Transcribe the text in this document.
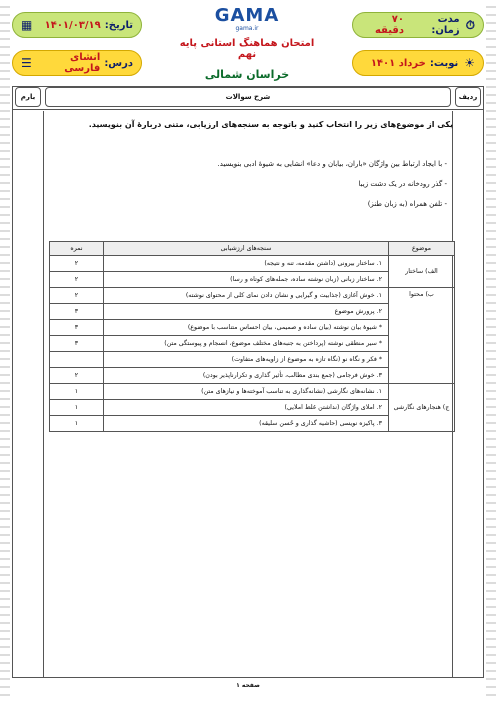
⏱
مدت زمان:
۷۰ دقیقه
☀
نوبت:
خرداد ۱۴۰۱
تاریخ:
۱۴۰۱/۰۳/۱۹
▦
درس:
انشای فارسی
☰
GAMA
gama.ir
امتحان هماهنگ استانی پایه نهم
خراسان شمالی
ردیف
شرح سوالات
بارم
یکی از موضوع‌های زیر را انتخاب کنید و باتوجه به سنجه‌های ارزیابی، متنی دربارهٔ آن بنویسید.
- با ایجاد ارتباط بین واژگان «باران، بیابان و دعا» انشایی به شیوهٔ ادبی بنویسید.
- گذر رودخانه در یک دشت زیبا
- تلفن همراه (به زبان طنز)
موضوع	سنجه‌های ارزشیابی	نمره
الف) ساختار	۱. ساختار بیرونی (داشتن مقدمه، تنه و نتیجه)	۲
	۲. ساختار زبانی (زبان نوشته ساده، جمله‌های کوتاه و رسا)	۲
ب) محتوا	۱. خوش آغازی (جذابیت و گیرایی و نشان دادن نمای کلی از محتوای نوشته)	۲
	۲. پرورش موضوع	۳
	* شیوهٔ بیان نوشته (بیان ساده و صمیمی، بیان احساس متناسب با موضوع)	۳
	* سیر منطقی نوشته (پرداختن به جنبه‌های مختلف موضوع، انسجام و پیوستگی متن)	۳
	* فکر و نگاه نو (نگاه تازه به موضوع از زاویه‌های متفاوت)	
	۳. خوش فرجامی (جمع بندی مطالب، تأثیر گذاری و تکرارناپذیر بودن)	۲
ج) هنجارهای نگارشی	۱. نشانه‌های نگارشی (نشانه‌گذاری به تناسب آموخته‌ها و نیازهای متن)	۱
	۲. املای واژگان (نداشتن غلط املایی)	۱
	۳. پاکیزه نویسی (حاشیه گذاری و حُسن سلیقه)	۱
صفحه ۱
